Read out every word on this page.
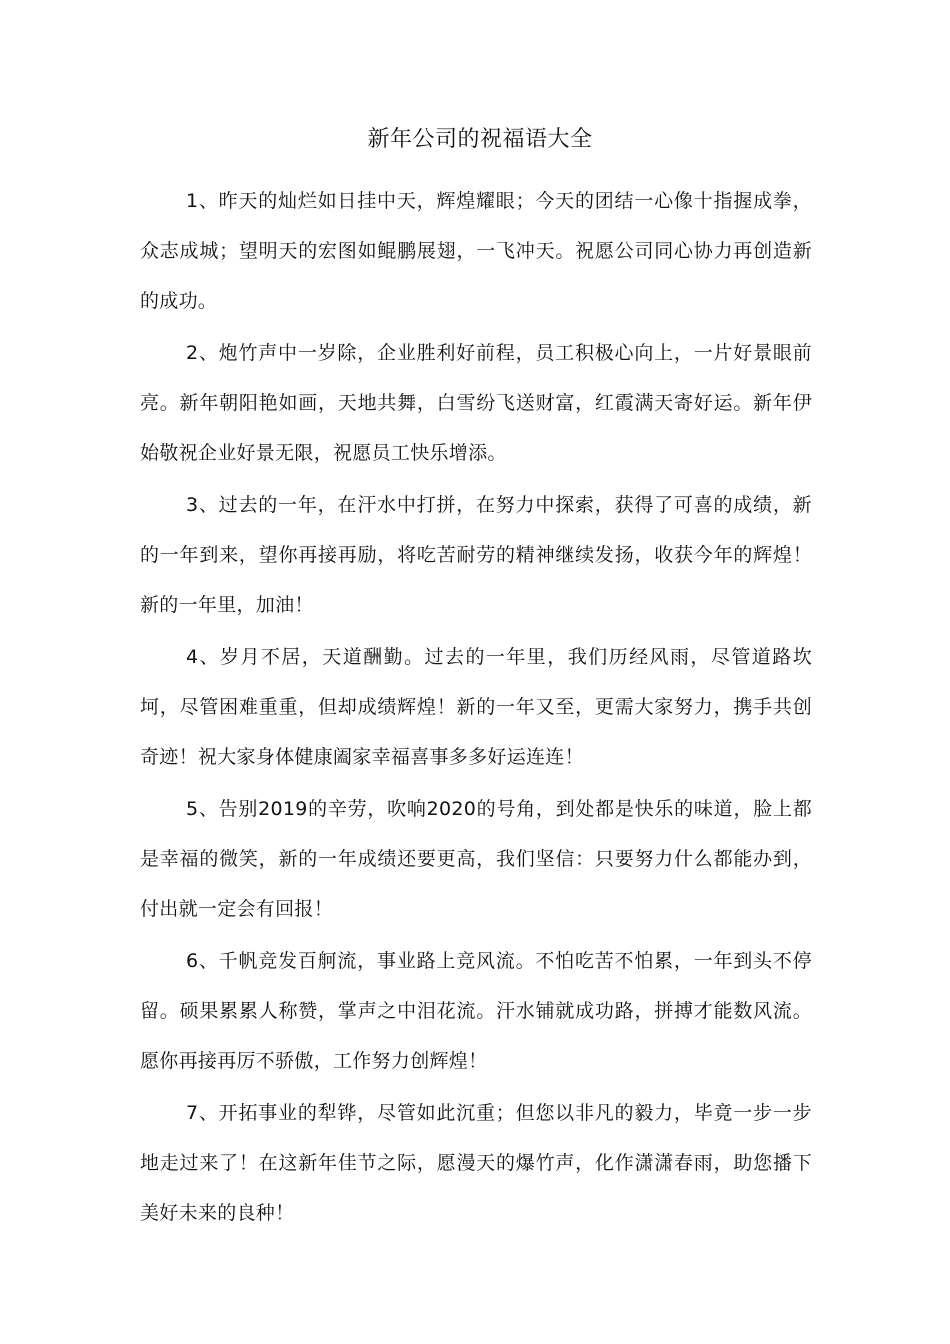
新年公司的祝福语大全

1、昨天的灿烂如日挂中天，辉煌耀眼；今天的团结一心像十指握成拳，众志成城；望明天的宏图如鲲鹏展翅，一飞冲天。祝愿公司同心协力再创造新的成功。

2、炮竹声中一岁除，企业胜利好前程，员工积极心向上，一片好景眼前亮。新年朝阳艳如画，天地共舞，白雪纷飞送财富，红霞满天寄好运。新年伊始敬祝企业好景无限，祝愿员工快乐增添。

3、过去的一年，在汗水中打拼，在努力中探索，获得了可喜的成绩，新的一年到来，望你再接再励，将吃苦耐劳的精神继续发扬，收获今年的辉煌！新的一年里，加油！

4、岁月不居，天道酬勤。过去的一年里，我们历经风雨，尽管道路坎坷，尽管困难重重，但却成绩辉煌！新的一年又至，更需大家努力，携手共创奇迹！祝大家身体健康阖家幸福喜事多多好运连连！

5、告别2019的辛劳，吹响2020的号角，到处都是快乐的味道，脸上都是幸福的微笑，新的一年成绩还要更高，我们坚信：只要努力什么都能办到，付出就一定会有回报！

6、千帆竞发百舸流，事业路上竞风流。不怕吃苦不怕累，一年到头不停留。硕果累累人称赞，掌声之中泪花流。汗水铺就成功路，拼搏才能数风流。愿你再接再厉不骄傲，工作努力创辉煌！

7、开拓事业的犁铧，尽管如此沉重；但您以非凡的毅力，毕竟一步一步地走过来了！在这新年佳节之际，愿漫天的爆竹声，化作潇潇春雨，助您播下美好未来的良种！
